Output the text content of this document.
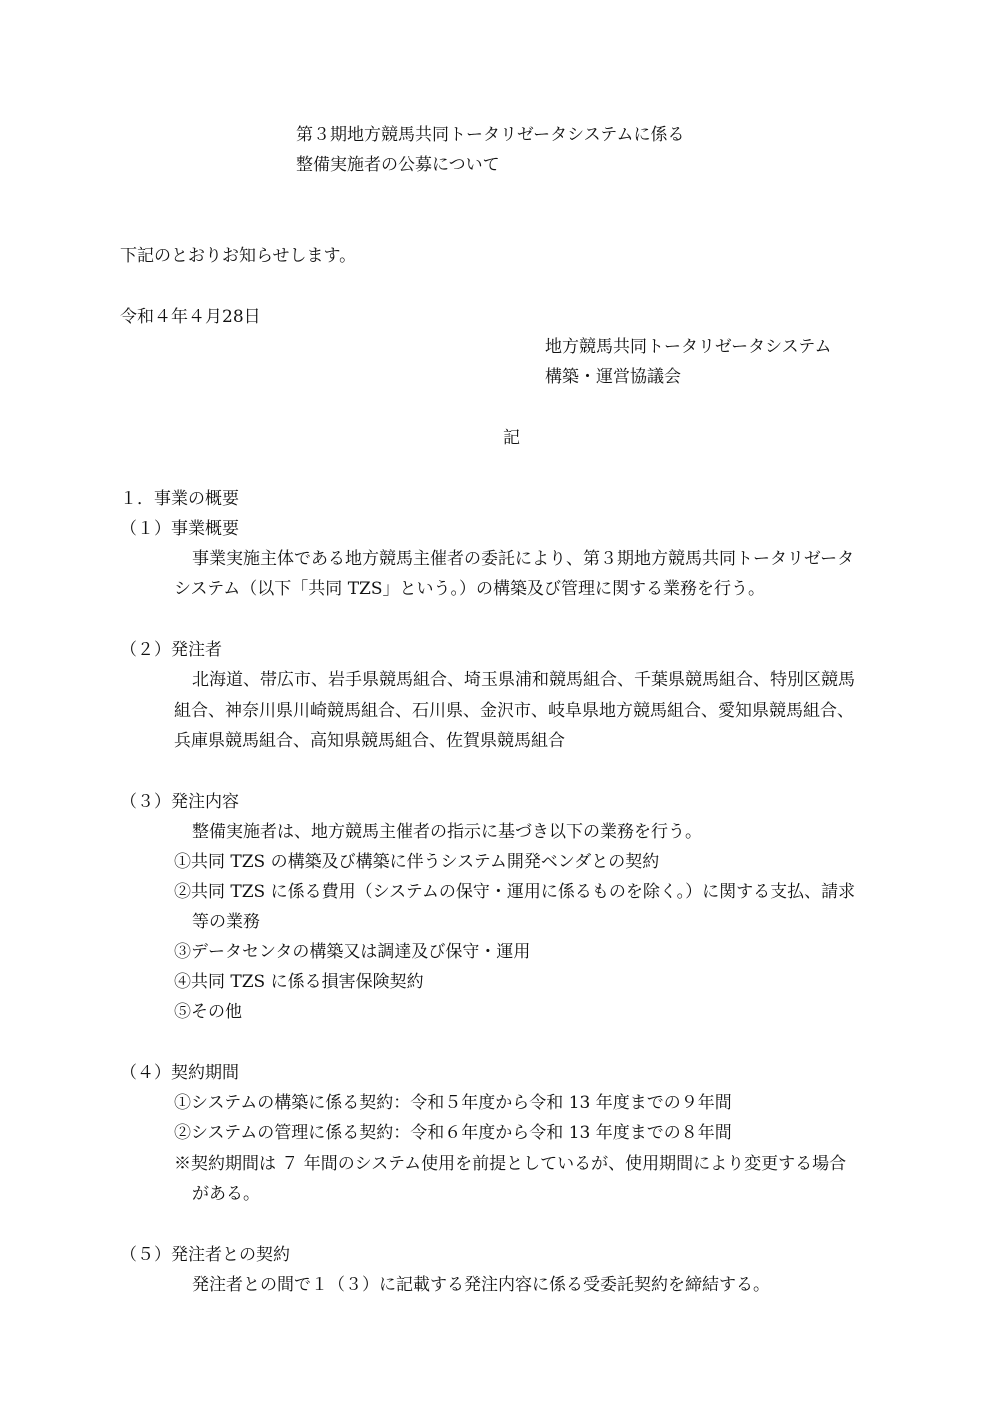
第３期地方競馬共同トータリゼータシステムに係る
整備実施者の公募について
下記のとおりお知らせします。
令和４年４月28日
地方競馬共同トータリゼータシステム
構築・運営協議会
記
１．事業の概要
（１）事業概要
事業実施主体である地方競馬主催者の委託により、第３期地方競馬共同トータリゼータ
システム（以下「共同 TZS」という。）の構築及び管理に関する業務を行う。
（２）発注者
北海道、帯広市、岩手県競馬組合、埼玉県浦和競馬組合、千葉県競馬組合、特別区競馬
組合、神奈川県川崎競馬組合、石川県、金沢市、岐阜県地方競馬組合、愛知県競馬組合、
兵庫県競馬組合、高知県競馬組合、佐賀県競馬組合
（３）発注内容
整備実施者は、地方競馬主催者の指示に基づき以下の業務を行う。
①共同 TZS の構築及び構築に伴うシステム開発ベンダとの契約
②共同 TZS に係る費用（システムの保守・運用に係るものを除く。）に関する支払、請求
等の業務
③データセンタの構築又は調達及び保守・運用
④共同 TZS に係る損害保険契約
⑤その他
（４）契約期間
①システムの構築に係る契約：令和５年度から令和 13 年度までの９年間
②システムの管理に係る契約：令和６年度から令和 13 年度までの８年間
※契約期間は ７ 年間のシステム使用を前提としているが、使用期間により変更する場合
がある。
（５）発注者との契約
発注者との間で１（３）に記載する発注内容に係る受委託契約を締結する。
